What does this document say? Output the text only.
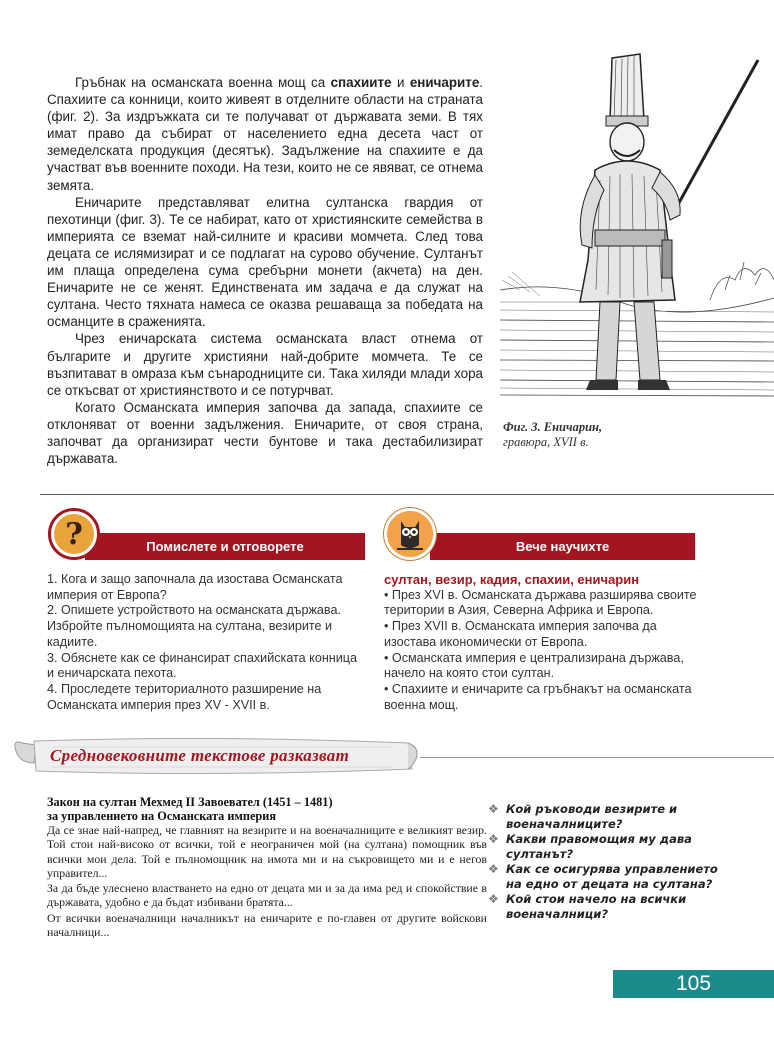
Гръбнак на османската военна мощ са спахиите и еничарите. Спахиите са конници, които живеят в отделните области на страната (фиг. 2). За издръжката си те получават от държавата земи. В тях имат право да събират от населението една десета част от земеделската продукция (десятък). Задължение на спахиите е да участват във военните походи. На тези, които не се явяват, се отнема земята.

Еничарите представляват елитна султанска гвардия от пехотинци (фиг. 3). Те се набират, като от християнските семейства в империята се вземат най-силните и красиви момчета. След това децата се ислямизират и се подлагат на сурово обучение. Султанът им плаща определена сума сребърни монети (акчета) на ден. Еничарите не се женят. Единствената им задача е да служат на султана. Често тяхната намеса се оказва решаваща за победата на османците в сраженията.

Чрез еничарската система османската власт отнема от българите и другите християни най-добрите момчета. Те се възпитават в омраза към сънародниците си. Така хиляди млади хора се откъсват от християнството и се потурчват.

Когато Османската империя започва да запада, спахиите се отклоняват от военни задължения. Еничарите, от своя страна, започват да организират чести бунтове и така дестабилизират държавата.

Фиг. 3. Еничарин,
гравюра, XVII в.
Помислете и отговорете
?

1. Кога и защо започнала да изостава Османската империя от Европа?

2. Опишете устройството на османската държава. Избройте пълномощията на султана, везирите и кадиите.

3. Обяснете как се финансират спахийската конница и еничарската пехота.

4. Проследете териториалното разширение на Османската империя през XV - XVII в.

Вече научихте

султан, везир, кадия, спахии, еничарин

• През XVI в. Османската държава разширява своите територии в Азия, Северна Африка и Европа.

• През XVII в. Османската империя започва да изостава икономически от Европа.

• Османската империя е централизирана държава, начело на която стои султан.

• Спахиите и еничарите са гръбнакът на османската военна мощ.

Средновековните текстове разказват
Закон на султан Мехмед II Завоевател (1451 – 1481)
за управлението на Османската империя

Да се знае най-напред, че главният на везирите и на военачалниците е великият везир. Той стои най-високо от всички, той е неограничен мой (на султана) помощник във всички мои дела. Той е пълномощник на имота ми и на съкровището ми и е негов управител...

За да бъде улеснено властването на едно от децата ми и за да има ред и спокойствие в държавата, удобно е да бъдат избивани братята...

От всички военачалници началникът на еничарите е по-главен от другите войскови началници...

❖ Кой ръководи везирите и военачалниците?
❖ Какви правомощия му дава султанът?
❖ Как се осигурява управлението на едно от децата на султана?
❖ Кой стои начело на всички военачалници?
105
